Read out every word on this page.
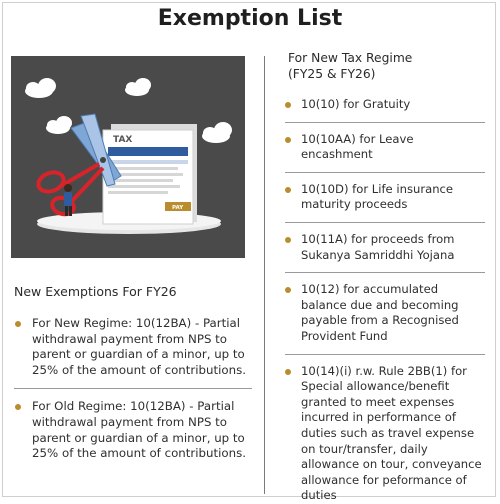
Exemption List
TAX
PAY
New Exemptions For FY26
For New Regime: 10(12BA) - Partial withdrawal payment from NPS to parent or guardian of a minor, up to 25% of the amount of contributions.
For Old Regime: 10(12BA) - Partial withdrawal payment from NPS to parent or guardian of a minor, up to 25% of the amount of contributions.
For New Tax Regime
(FY25 & FY26)
10(10) for Gratuity
10(10AA) for Leave encashment
10(10D) for Life insurance maturity proceeds
10(11A) for proceeds from Sukanya Samriddhi Yojana
10(12) for accumulated balance due and becoming payable from a Recognised Provident Fund
10(14)(i) r.w. Rule 2BB(1) for Special allowance/benefit granted to meet expenses incurred in performance of duties such as travel expense on tour/transfer, daily allowance on tour, conveyance allowance for peformance of duties
